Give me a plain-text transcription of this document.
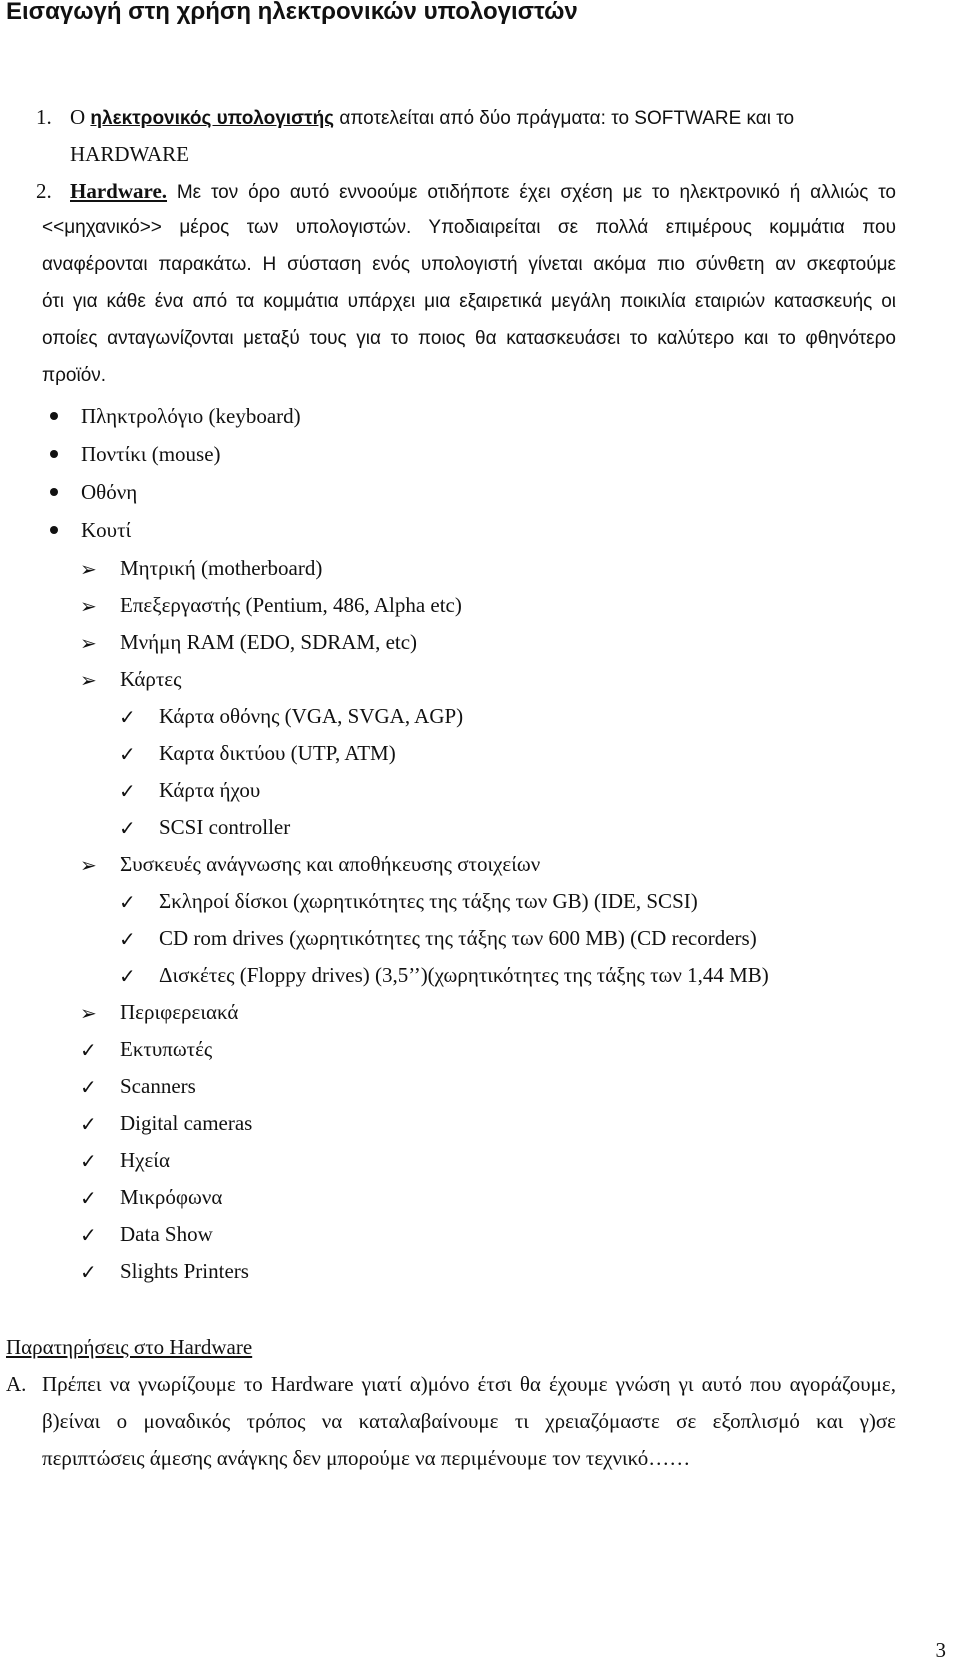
Εισαγωγή στη χρήση ηλεκτρονικών υπολογιστών
1. Ο ηλεκτρονικός υπολογιστής αποτελείται από δύο πράγματα: το SOFTWARE και το
HARDWARE
2. Hardware. Με τον όρο αυτό εννοούμε οτιδήποτε έχει σχέση με το ηλεκτρονικό ή αλλιώς το
<<μηχανικό>> μέρος των υπολογιστών. Υποδιαιρείται σε πολλά επιμέρους κομμάτια που
αναφέρονται παρακάτω. Η σύσταση ενός υπολογιστή γίνεται ακόμα πιο σύνθετη αν σκεφτούμε
ότι για κάθε ένα από τα κομμάτια υπάρχει μια εξαιρετικά μεγάλη ποικιλία εταιριών κατασκευής οι
οποίες ανταγωνίζονται μεταξύ τους για το ποιος θα κατασκευάσει το καλύτερο και το φθηνότερο
προϊόν.
Πληκτρολόγιο (keyboard)
Ποντίκι (mouse)
Οθόνη
Κουτί
➢ Μητρική (motherboard)
➢ Επεξεργαστής (Pentium, 486, Alpha etc)
➢ Μνήμη RAM (EDO, SDRAM, etc)
➢ Κάρτες
✓ Κάρτα οθόνης (VGA, SVGA, AGP)
✓ Καρτα δικτύου (UTP, ATM)
✓ Κάρτα ήχου
✓ SCSI controller
➢ Συσκευές ανάγνωσης και αποθήκευσης στοιχείων
✓ Σκληροί δίσκοι (χωρητικότητες της τάξης των GB) (IDE, SCSI)
✓ CD rom drives (χωρητικότητες της τάξης των 600 MB) (CD recorders)
✓ Δισκέτες (Floppy drives) (3,5’’)(χωρητικότητες της τάξης των 1,44 MB)
➢ Περιφερειακά
✓ Εκτυπωτές
✓ Scanners
✓ Digital cameras
✓ Ηχεία
✓ Μικρόφωνα
✓ Data Show
✓ Slights Printers
Παρατηρήσεις στο Hardware
Α. Πρέπει να γνωρίζουμε το Hardware γιατί α)μόνο έτσι θα έχουμε γνώση γι αυτό που αγοράζουμε,
β)είναι ο μοναδικός τρόπος να καταλαβαίνουμε τι χρειαζόμαστε σε εξοπλισμό και γ)σε
περιπτώσεις άμεσης ανάγκης δεν μπορούμε να περιμένουμε τον τεχνικό……
3
